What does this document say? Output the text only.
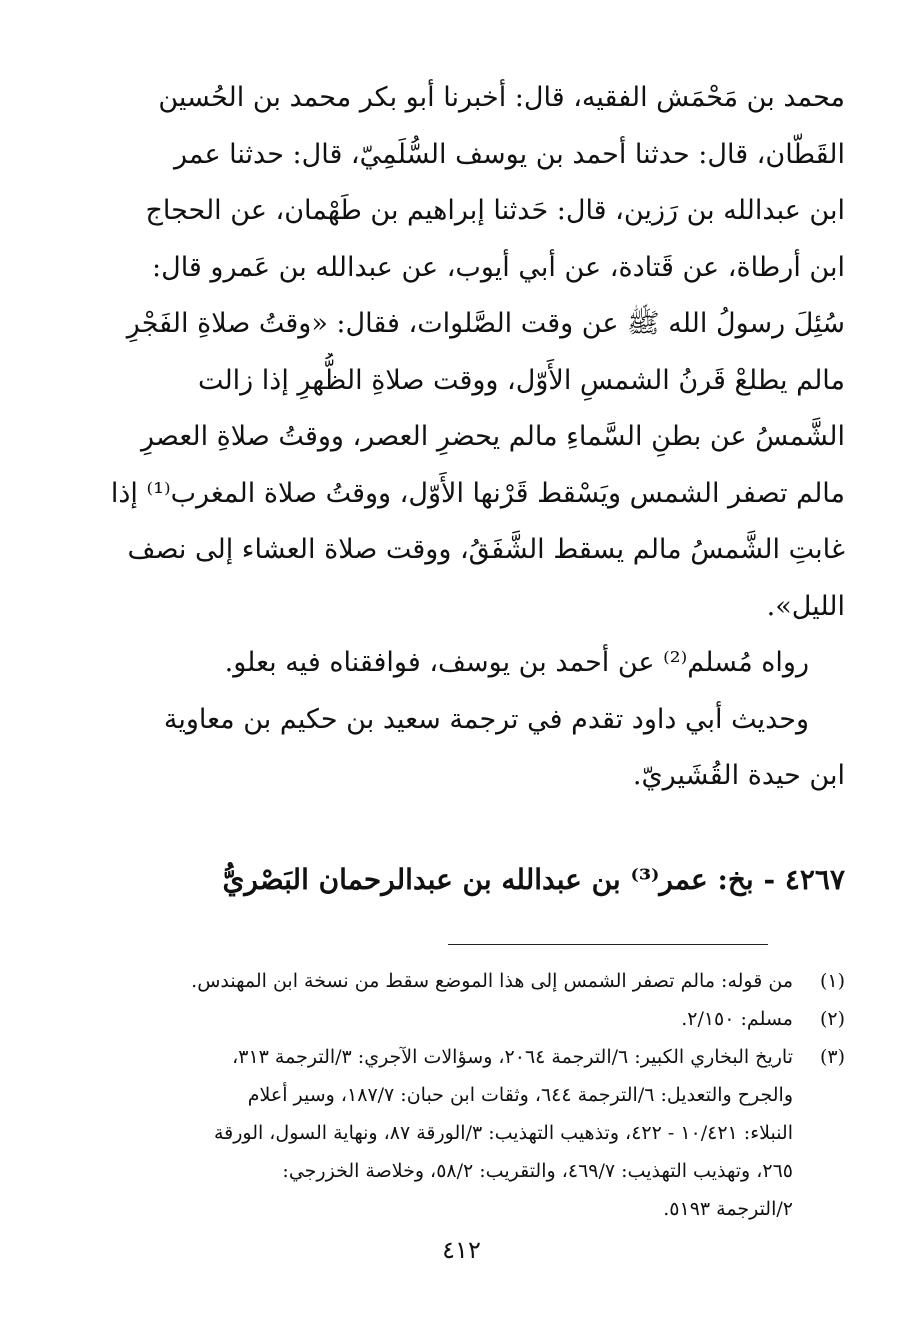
محمد بن مَحْمَش الفقيه، قال: أخبرنا أبو بكر محمد بن الحُسين
القَطّان، قال: حدثنا أحمد بن يوسف السُّلَمِيّ، قال: حدثنا عمر
ابن عبدالله بن رَزين، قال: حَدثنا إبراهيم بن طَهْمان، عن الحجاج
ابن أرطاة، عن قَتادة، عن أبي أيوب، عن عبدالله بن عَمرو قال:
سُئِلَ رسولُ الله ﷺ عن وقت الصَّلوات، فقال: «وقتُ صلاةِ الفَجْرِ
مالم يطلعْ قَرنُ الشمسِ الأَوّل، ووقت صلاةِ الظُّهرِ إذا زالت
الشَّمسُ عن بطنِ السَّماءِ مالم يحضرِ العصر، ووقتُ صلاةِ العصرِ
مالم تصفر الشمس ويَسْقط قَرْنها الأَوّل، ووقتُ صلاة المغرب⁽¹⁾ إذا
غابتِ الشَّمسُ مالم يسقط الشَّفَقُ، ووقت صلاة العشاء إلى نصف
الليل».
رواه مُسلم⁽²⁾ عن أحمد بن يوسف، فوافقناه فيه بعلو.
وحديث أبي داود تقدم في ترجمة سعيد بن حكيم بن معاوية
ابن حيدة القُشَيريّ.
٤٢٦٧ - بخ: عمر⁽³⁾ بن عبدالله بن عبدالرحمان البَصْريُّ
(١)
من قوله: مالم تصفر الشمس إلى هذا الموضع سقط من نسخة ابن المهندس.
(٢)
مسلم: ٢/١٥٠.
(٣)
تاريخ البخاري الكبير: ٦/الترجمة ٢٠٦٤، وسؤالات الآجري: ٣/الترجمة ٣١٣،
والجرح والتعديل: ٦/الترجمة ٦٤٤، وثقات ابن حبان: ١٨٧/٧، وسير أعلام
النبلاء: ١٠/٤٢١ - ٤٢٢، وتذهيب التهذيب: ٣/الورقة ٨٧، ونهاية السول، الورقة
٢٦٥، وتهذيب التهذيب: ٤٦٩/٧، والتقريب: ٥٨/٢، وخلاصة الخزرجي:
٢/الترجمة ٥١٩٣.
٤١٢
